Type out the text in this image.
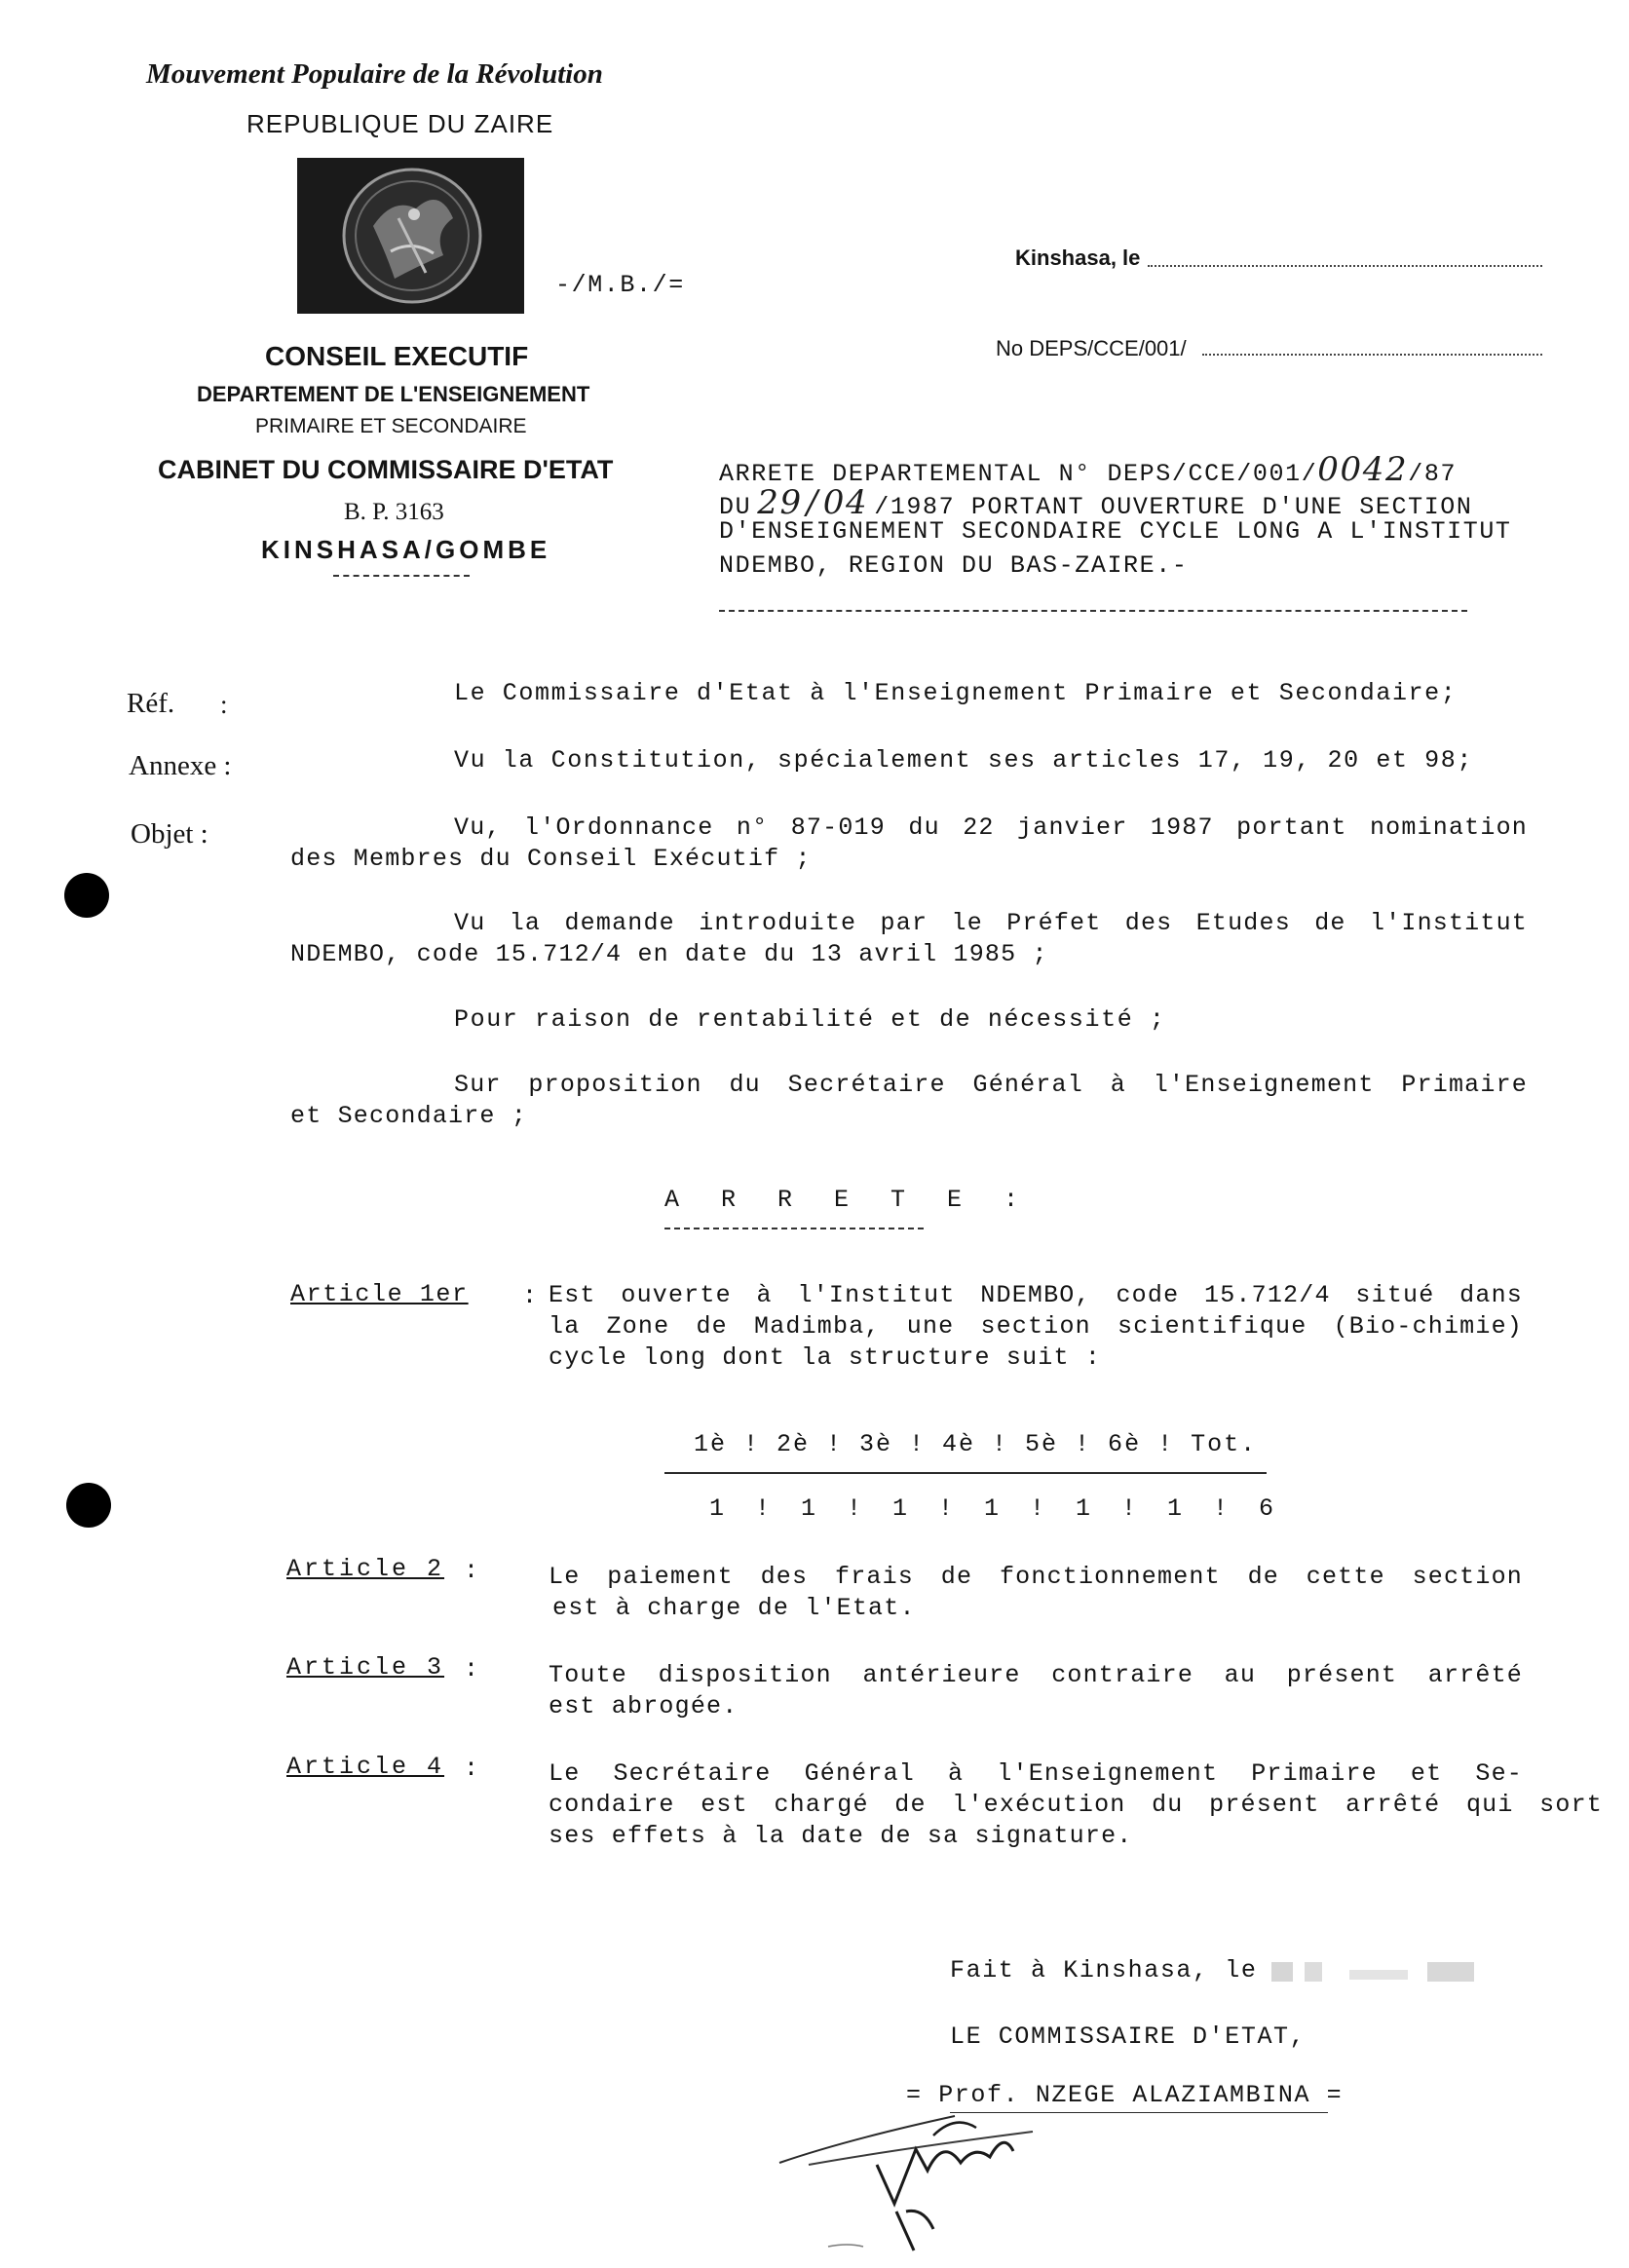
Mouvement Populaire de la Révolution
REPUBLIQUE DU ZAIRE
-/M.B./=
CONSEIL EXECUTIF
DEPARTEMENT DE L'ENSEIGNEMENT
PRIMAIRE ET SECONDAIRE
CABINET DU COMMISSAIRE D'ETAT
B. P. 3163
KINSHASA/GOMBE
Kinshasa, le
No DEPS/CCE/001/
ARRETE DEPARTEMENTAL N° DEPS/CCE/001/0042/87
DU 29 / 04 /1987 PORTANT OUVERTURE D'UNE SECTION
D'ENSEIGNEMENT SECONDAIRE CYCLE LONG A L'INSTITUT
NDEMBO, REGION DU BAS-ZAIRE.-
Réf. :
Annexe :
Objet :
Le Commissaire d'Etat à l'Enseignement Primaire et Secondaire;
Vu la Constitution, spécialement ses articles 17, 19, 20 et 98;
Vu, l'Ordonnance n° 87-019 du 22 janvier 1987 portant nomination
des Membres du Conseil Exécutif ;
Vu la demande introduite par le Préfet des Etudes de l'Institut
NDEMBO, code 15.712/4 en date du 13 avril 1985 ;
Pour raison de rentabilité et de nécessité ;
Sur proposition du Secrétaire Général à l'Enseignement Primaire
et Secondaire ;
A R R E T E :
Article 1er : Est ouverte à l'Institut NDEMBO, code 15.712/4 situé dans
la Zone de Madimba, une section scientifique (Bio-chimie)
cycle long dont la structure suit :
1è ! 2è ! 3è ! 4è ! 5è ! 6è ! Tot.
1 ! 1 ! 1 ! 1 ! 1 ! 1 ! 6
Article 2 :	Le paiement des frais de fonctionnement de cette section
est à charge de l'Etat.
Article 3 :	Toute disposition antérieure contraire au présent arrêté
est abrogée.
Article 4 :	Le Secrétaire Général à l'Enseignement Primaire et Se-
condaire est chargé de l'exécution du présent arrêté qui sort
ses effets à la date de sa signature.
Fait à Kinshasa, le
LE COMMISSAIRE D'ETAT,
= Prof. NZEGE ALAZIAMBINA =
